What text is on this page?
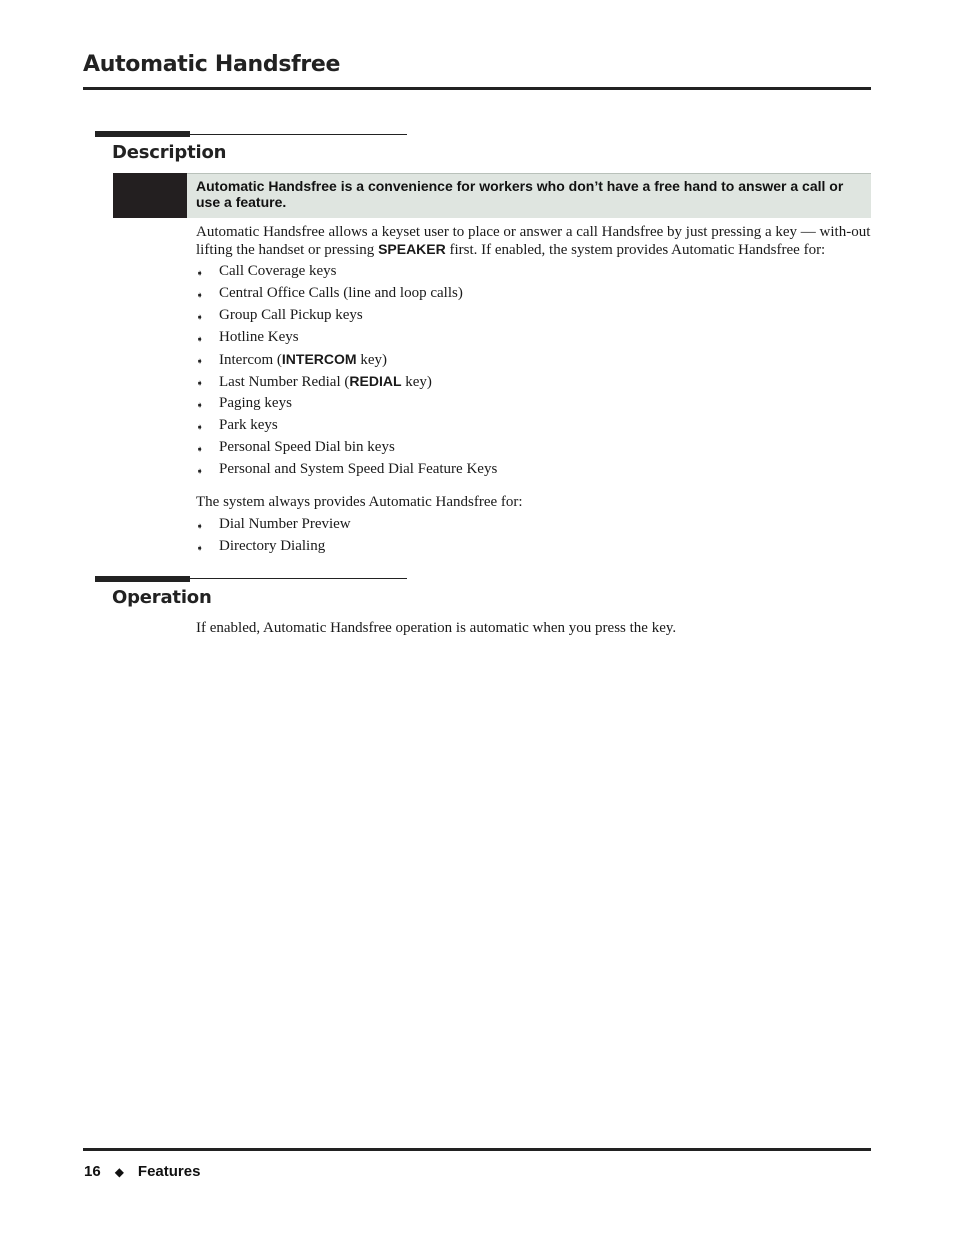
Automatic Handsfree
Description
Automatic Handsfree is a convenience for workers who don’t have a free hand to answer a call or use a feature.
Automatic Handsfree allows a keyset user to place or answer a call Handsfree by just pressing a key — with-out lifting the handset or pressing SPEAKER first. If enabled, the system provides Automatic Handsfree for:
➧ Call Coverage keys
➧ Central Office Calls (line and loop calls)
➧ Group Call Pickup keys
➧ Hotline Keys
➧ Intercom (INTERCOM key)
➧ Last Number Redial (REDIAL key)
➧ Paging keys
➧ Park keys
➧ Personal Speed Dial bin keys
➧ Personal and System Speed Dial Feature Keys
The system always provides Automatic Handsfree for:
➧ Dial Number Preview
➧ Directory Dialing
Operation
If enabled, Automatic Handsfree operation is automatic when you press the key.
16 ◆ Features
